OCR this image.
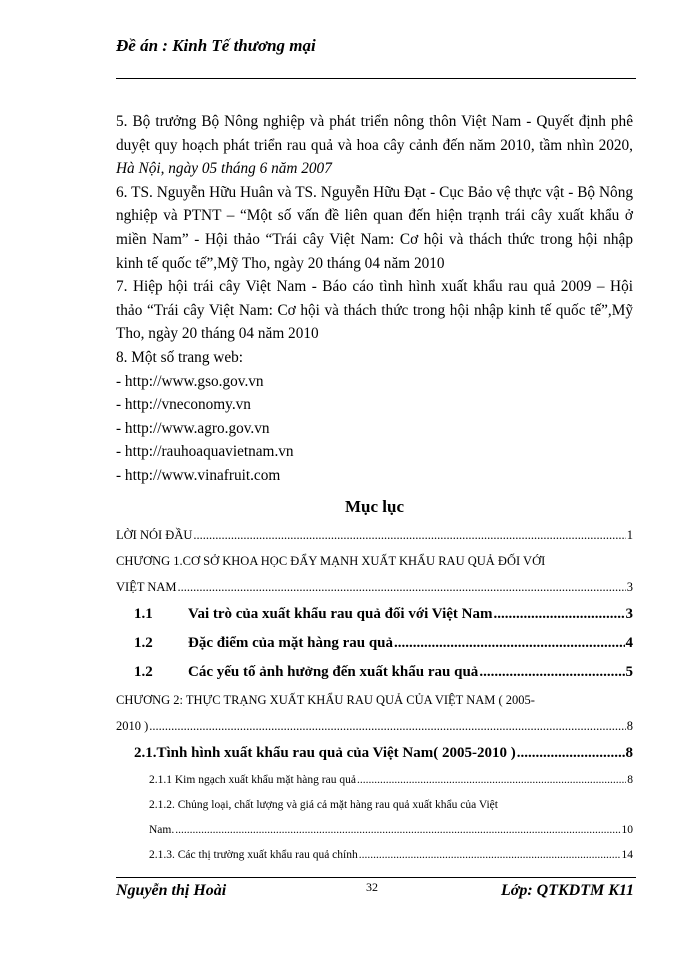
Đề án : Kinh Tế thương mại

5. Bộ trưởng Bộ Nông nghiệp và phát triển nông thôn Việt Nam - Quyết định phê duyệt quy hoạch phát triển rau quả và hoa cây cảnh đến năm 2010, tầm nhìn 2020, Hà Nội, ngày 05 tháng 6 năm 2007

6. TS. Nguyễn Hữu Huân và TS. Nguyễn Hữu Đạt - Cục Bảo vệ thực vật - Bộ Nông nghiệp và PTNT – “Một số vấn đề liên quan đến hiện trạnh trái cây xuất khẩu ở miền Nam” - Hội thảo “Trái cây Việt Nam: Cơ hội và thách thức trong hội nhập kinh tế quốc tế”,Mỹ Tho, ngày 20 tháng 04 năm 2010

7. Hiệp hội trái cây Việt Nam - Báo cáo tình hình xuất khẩu rau quả 2009 – Hội thảo “Trái cây Việt Nam: Cơ hội và thách thức trong hội nhập kinh tế quốc tế”,Mỹ Tho, ngày 20 tháng 04 năm 2010

8. Một số trang web:

- http://www.gso.gov.vn

- http://vneconomy.vn

- http://www.agro.gov.vn

- http://rauhoaquavietnam.vn

- http://www.vinafruit.com

Mục lục
LỜI NÓI ĐẦU .....	1
CHƯƠNG 1.CƠ SỞ KHOA HỌC ĐẨY MẠNH XUẤT KHẨU RAU QUẢ ĐỐI VỚI
VIỆT NAM .....	3
1.1 Vai trò của xuất khẩu rau quả đối với Việt Nam .....	3
1.2 Đặc điểm của mặt hàng rau quả .....	4
1.2 Các yếu tố ảnh hưởng đến xuất khẩu rau quả .....	5
CHƯƠNG 2: THỰC TRẠNG XUẤT KHẨU RAU QUẢ CỦA VIỆT NAM ( 2005-
2010 ) .....	8
2.1.Tình hình xuất khẩu rau quả của Việt Nam( 2005-2010 ) .....	8
2.1.1 Kim ngạch xuất khẩu mặt hàng rau quả .....	8
2.1.2. Chủng loại, chất lượng và giá cả mặt hàng rau quả xuất khẩu của Việt
Nam. .....	10
2.1.3. Các thị trường xuất khẩu rau quả chính .....	14
Nguyễn thị Hoài	32	Lớp: QTKDTM K11
